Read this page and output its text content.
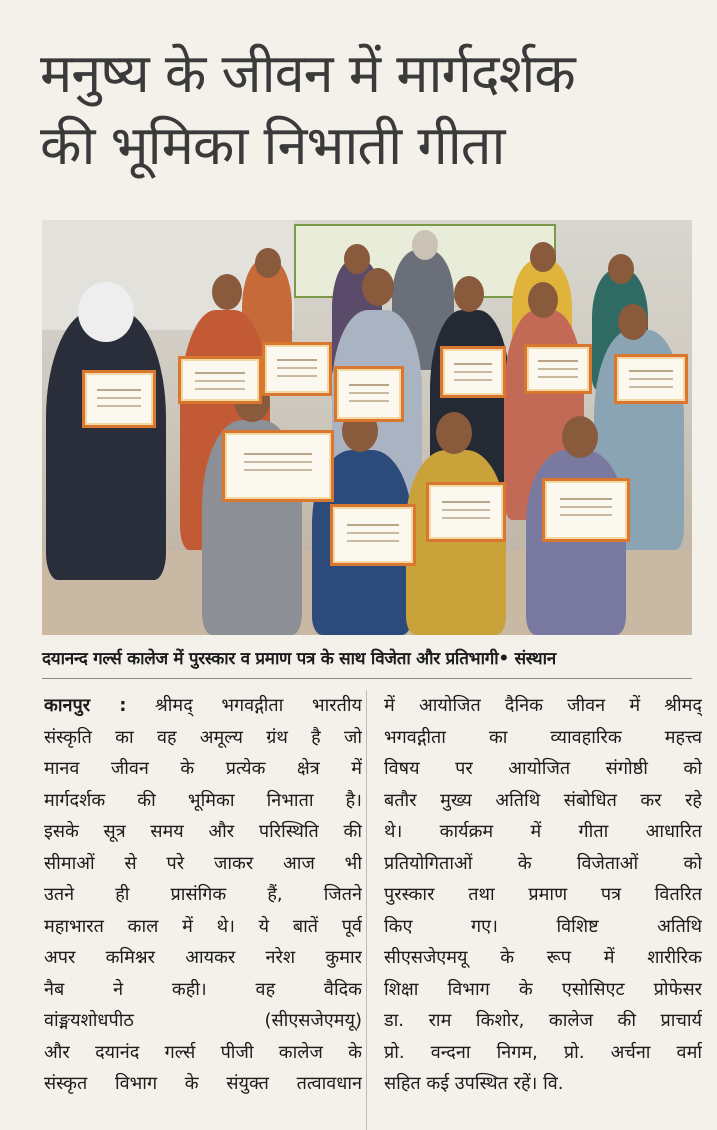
मनुष्य के जीवन में मार्गदर्शक
की भूमिका निभाती गीता
दयानन्द गर्ल्स कालेज में पुरस्कार व प्रमाण पत्र के साथ विजेता और प्रतिभागी• संस्थान
कानपुर : श्रीमद् भगवद्गीता भारतीय
संस्कृति का वह अमूल्य ग्रंथ है जो
मानव जीवन के प्रत्येक क्षेत्र में
मार्गदर्शक की भूमिका निभाता है।
इसके सूत्र समय और परिस्थिति की
सीमाओं से परे जाकर आज भी
उतने ही प्रासंगिक हैं, जितने
महाभारत काल में थे। ये बातें पूर्व
अपर कमिश्नर आयकर नरेश कुमार
नैब ने कही। वह वैदिक
वांङ्मयशोधपीठ (सीएसजेएमयू)
और दयानंद गर्ल्स पीजी कालेज के
संस्कृत विभाग के संयुक्त तत्वावधान
में आयोजित दैनिक जीवन में श्रीमद्
भगवद्गीता का व्यावहारिक महत्त्व
विषय पर आयोजित संगोष्ठी को
बतौर मुख्य अतिथि संबोधित कर रहे
थे। कार्यक्रम में गीता आधारित
प्रतियोगिताओं के विजेताओं को
पुरस्कार तथा प्रमाण पत्र वितरित
किए गए। विशिष्ट अतिथि
सीएसजेएमयू के रूप में शारीरिक
शिक्षा विभाग के एसोसिएट प्रोफेसर
डा. राम किशोर, कालेज की प्राचार्य
प्रो. वन्दना निगम, प्रो. अर्चना वर्मा
सहित कई उपस्थित रहें। वि.
